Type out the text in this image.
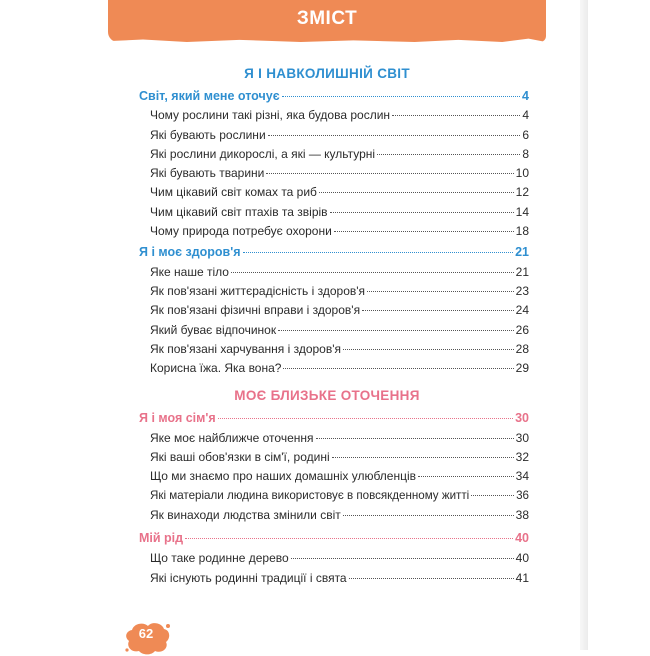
ЗМІСТ
Я І НАВКОЛИШНІЙ СВІТ
Світ, який мене оточує	4
Чому рослини такі різні, яка будова рослин	4
Які бувають рослини	6
Які рослини дикорослі, а які — культурні	8
Які бувають тварини	10
Чим цікавий світ комах та риб	12
Чим цікавий світ птахів та звірів	14
Чому природа потребує охорони	18
Я і моє здоров'я	21
Яке наше тіло	21
Як пов'язані життєрадісність і здоров'я	23
Як пов'язані фізичні вправи і здоров'я	24
Який буває відпочинок	26
Як пов'язані харчування і здоров'я	28
Корисна їжа. Яка вона?	29
МОЄ БЛИЗЬКЕ ОТОЧЕННЯ
Я і моя сім'я	30
Яке моє найближче оточення	30
Які ваші обов'язки в сім'ї, родині	32
Що ми знаємо про наших домашніх улюбленців	34
Які матеріали людина використовує в повсякденному житті	36
Як винаходи людства змінили світ	38
Мій рід	40
Що таке родинне дерево	40
Які існують родинні традиції і свята	41
62
